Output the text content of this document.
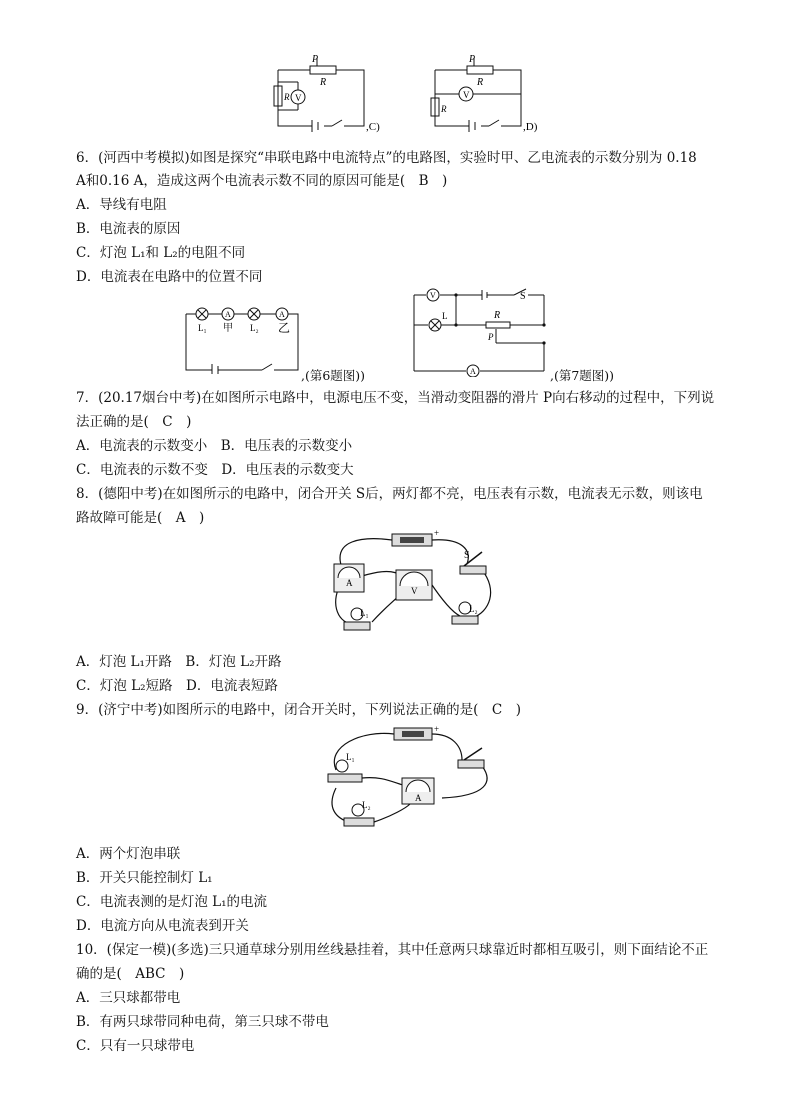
P
R
R V
,C)
P
R
R
V
,D)
6．(河西中考模拟)如图是探究“串联电路中电流特点”的电路图，实验时甲、乙电流表的示数分别为 0.18
A和0.16 A，造成这两个电流表示数不同的原因可能是(　B　)
A．导线有电阻
B．电流表的原因
C．灯泡 L₁和 L₂的电阻不同
D．电流表在电路中的位置不同
A	A
L₁ 甲 L₂ 乙
,(第6题图))
V	S
L	R
P
A	,(第7题图))
7．(20.17烟台中考)在如图所示电路中，电源电压不变，当滑动变阻器的滑片 P向右移动的过程中，下列说
法正确的是(　C　)
A．电流表的示数变小　B．电压表的示数变小
C．电流表的示数不变　D．电压表的示数变大
8．(德阳中考)在如图所示的电路中，闭合开关 S后，两灯都不亮，电压表有示数，电流表无示数，则该电
路故障可能是(　A　)
+
A
V
S
L₁	L₂
A．灯泡 L₁开路　B．灯泡 L₂开路
C．灯泡 L₂短路　D．电流表短路
9．(济宁中考)如图所示的电路中，闭合开关时，下列说法正确的是(　C　)
+
L₁
A
L₂
A．两个灯泡串联
B．开关只能控制灯 L₁
C．电流表测的是灯泡 L₁的电流
D．电流方向从电流表到开关
10．(保定一模)(多选)三只通草球分别用丝线悬挂着，其中任意两只球靠近时都相互吸引，则下面结论不正
确的是(　ABC　)
A．三只球都带电
B．有两只球带同种电荷，第三只球不带电
C．只有一只球带电
